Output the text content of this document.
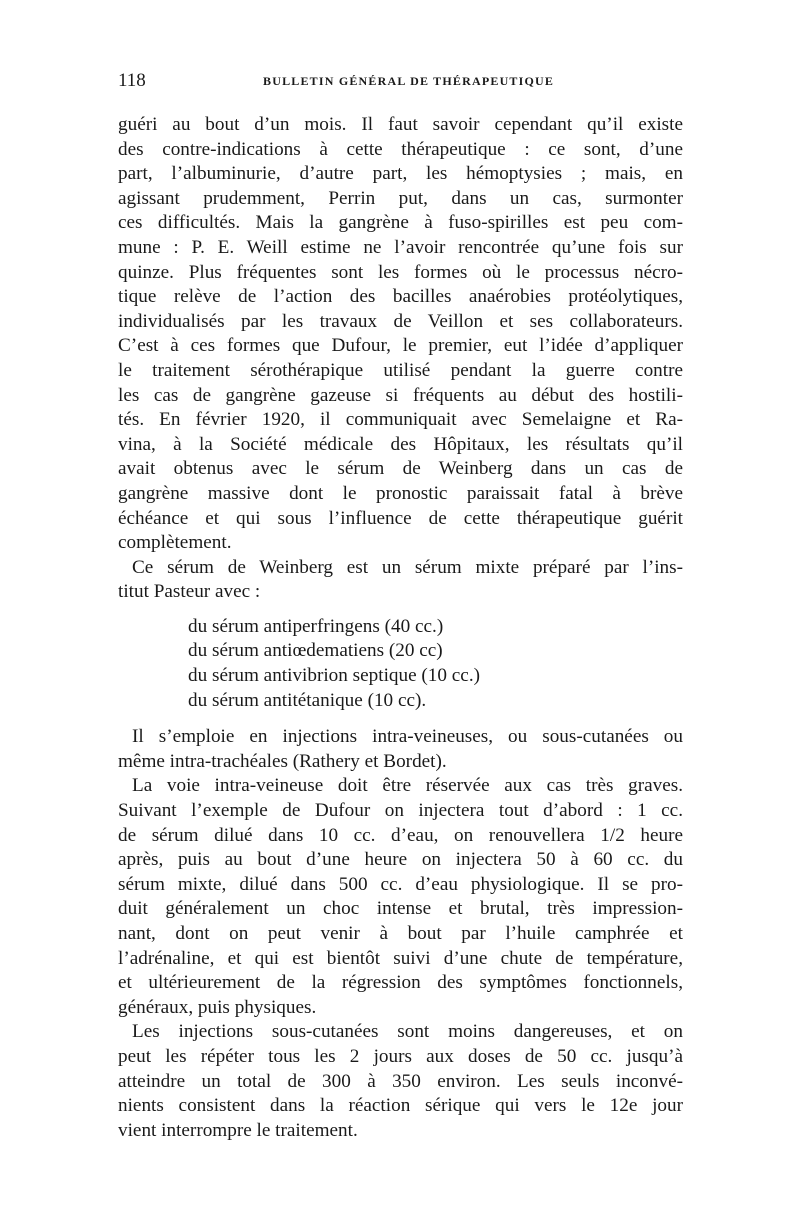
118	BULLETIN GÉNÉRAL DE THÉRAPEUTIQUE
guéri au bout d’un mois. Il faut savoir cependant qu’il existe
des contre-indications à cette thérapeutique : ce sont, d’une
part, l’albuminurie, d’autre part, les hémoptysies ; mais, en
agissant prudemment, Perrin put, dans un cas, surmonter
ces difficultés. Mais la gangrène à fuso-spirilles est peu com-
mune : P. E. Weill estime ne l’avoir rencontrée qu’une fois sur
quinze. Plus fréquentes sont les formes où le processus nécro-
tique relève de l’action des bacilles anaérobies protéolytiques,
individualisés par les travaux de Veillon et ses collaborateurs.
C’est à ces formes que Dufour, le premier, eut l’idée d’appliquer
le traitement sérothérapique utilisé pendant la guerre contre
les cas de gangrène gazeuse si fréquents au début des hostili-
tés. En février 1920, il communiquait avec Semelaigne et Ra-
vina, à la Société médicale des Hôpitaux, les résultats qu’il
avait obtenus avec le sérum de Weinberg dans un cas de
gangrène massive dont le pronostic paraissait fatal à brève
échéance et qui sous l’influence de cette thérapeutique guérit
complètement.
Ce sérum de Weinberg est un sérum mixte préparé par l’ins-
titut Pasteur avec :
du sérum antiperfringens (40 cc.)
du sérum antiœdematiens (20 cc)
du sérum antivibrion septique (10 cc.)
du sérum antitétanique (10 cc).
Il s’emploie en injections intra-veineuses, ou sous-cutanées ou
même intra-trachéales (Rathery et Bordet).
La voie intra-veineuse doit être réservée aux cas très graves.
Suivant l’exemple de Dufour on injectera tout d’abord : 1 cc.
de sérum dilué dans 10 cc. d’eau, on renouvellera 1/2 heure
après, puis au bout d’une heure on injectera 50 à 60 cc. du
sérum mixte, dilué dans 500 cc. d’eau physiologique. Il se pro-
duit généralement un choc intense et brutal, très impression-
nant, dont on peut venir à bout par l’huile camphrée et
l’adrénaline, et qui est bientôt suivi d’une chute de température,
et ultérieurement de la régression des symptômes fonctionnels,
généraux, puis physiques.
Les injections sous-cutanées sont moins dangereuses, et on
peut les répéter tous les 2 jours aux doses de 50 cc. jusqu’à
atteindre un total de 300 à 350 environ. Les seuls inconvé-
nients consistent dans la réaction sérique qui vers le 12e jour
vient interrompre le traitement.
